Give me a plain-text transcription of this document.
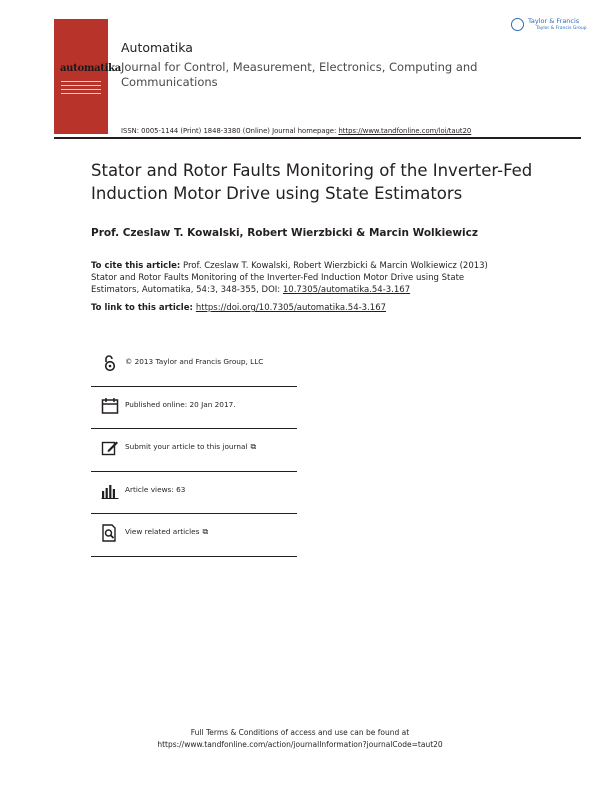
automatika
Automatika
Journal for Control, Measurement, Electronics, Computing and Communications
Taylor & Francis
Taylor & Francis Group
ISSN: 0005-1144 (Print) 1848-3380 (Online) Journal homepage: https://www.tandfonline.com/loi/taut20
Stator and Rotor Faults Monitoring of the Inverter-Fed Induction Motor Drive using State Estimators
Prof. Czeslaw T. Kowalski, Robert Wierzbicki & Marcin Wolkiewicz
To cite this article: Prof. Czeslaw T. Kowalski, Robert Wierzbicki & Marcin Wolkiewicz (2013) Stator and Rotor Faults Monitoring of the Inverter-Fed Induction Motor Drive using State Estimators, Automatika, 54:3, 348-355, DOI: 10.7305/automatika.54-3.167
To link to this article: https://doi.org/10.7305/automatika.54-3.167
© 2013 Taylor and Francis Group, LLC
Published online: 20 Jan 2017.
Submit your article to this journal ⧉
Article views: 63
View related articles ⧉
Full Terms & Conditions of access and use can be found at
https://www.tandfonline.com/action/journalInformation?journalCode=taut20
